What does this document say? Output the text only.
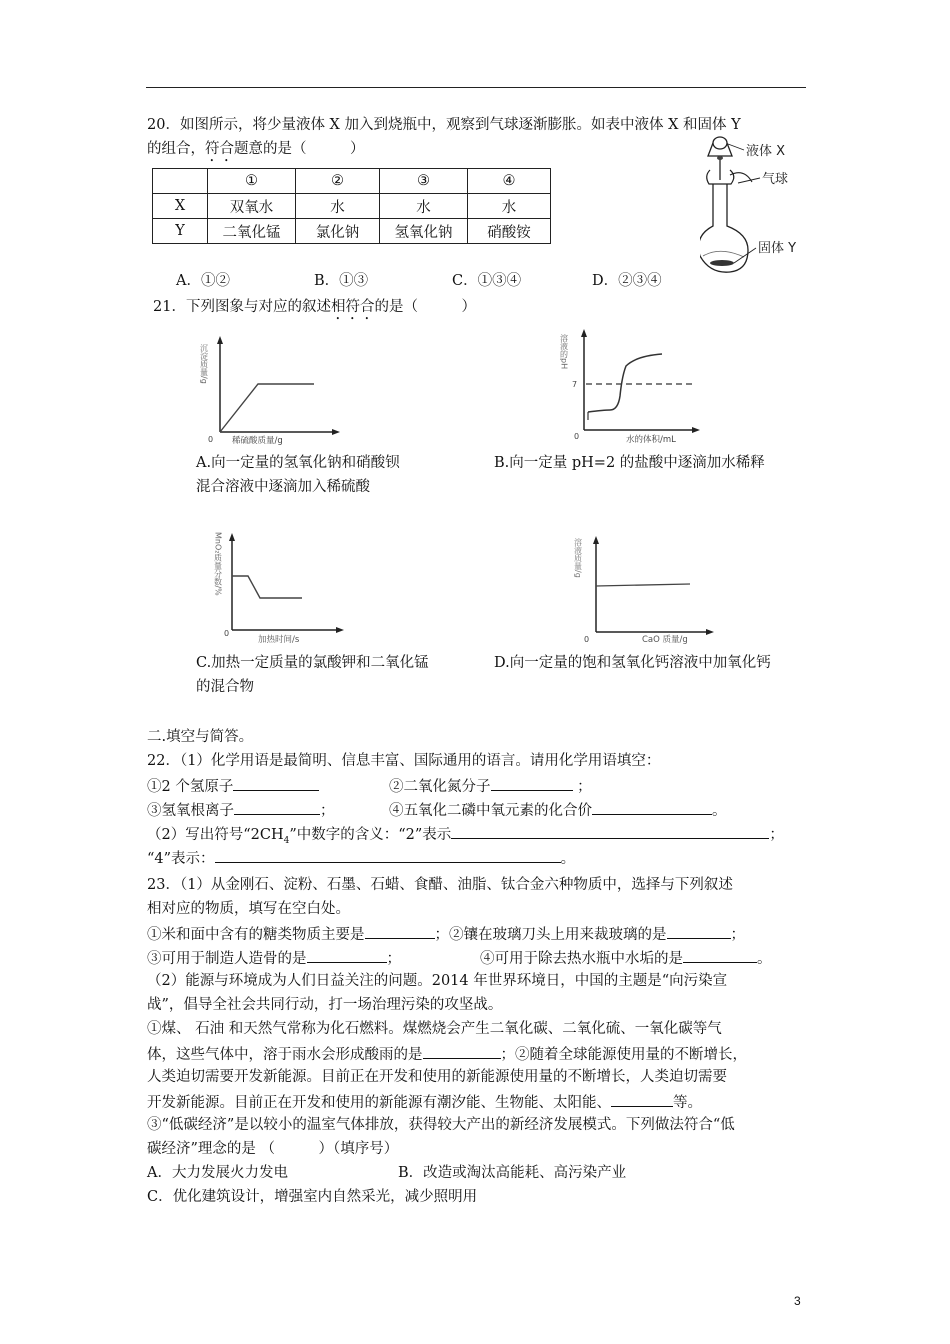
20．如图所示，将少量液体 X 加入到烧瓶中，观察到气球逐渐膨胀。如表中液体 X 和固体 Y
的组合，符合题意的是（　　　）
	①	②	③	④
X	双氧水	水	水	水
Y	二氧化锰	氯化钠	氢氧化钠	硝酸铵
液体 X
气球
固体 Y
A．①②	B．①③	C．①③④	D．②③④
21．下列图象与对应的叙述相符合的是（　　　）
沉淀质量/g
0 稀硫酸质量/g
A.向一定量的氢氧化钠和硝酸钡
混合溶液中逐滴加入稀硫酸
溶液的pH
7
0	水的体积/mL
B.向一定量 pH=2 的盐酸中逐滴加水稀释
MnO₂质量分数/%
0
加热时间/s
C.加热一定质量的氯酸钾和二氧化锰
的混合物
溶液质量/g
0	CaO 质量/g
D.向一定量的饱和氢氧化钙溶液中加氧化钙
二.填空与简答。
22．（1）化学用语是最简明、信息丰富、国际通用的语言。请用化学用语填空：
①2 个氢原子	②二氧化氮分子	；
③氢氧根离子	；	④五氧化二磷中氧元素的化合价	。
（2）写出符号“$2CH_4$”中数字的含义：“2”表示	；
“4”表示：	。
23．（1）从金刚石、淀粉、石墨、石蜡、食醋、油脂、钛合金六种物质中，选择与下列叙述
相对应的物质，填写在空白处。
①米和面中含有的糖类物质主要是	；②镶在玻璃刀头上用来裁玻璃的是	；
③可用于制造人造骨的是	；	④可用于除去热水瓶中水垢的是	。
（2）能源与环境成为人们日益关注的问题。2014 年世界环境日，中国的主题是“向污染宣
战”，倡导全社会共同行动，打一场治理污染的攻坚战。
①煤、 石油 和天然气常称为化石燃料。煤燃烧会产生二氧化碳、二氧化硫、一氧化碳等气
体，这些气体中，溶于雨水会形成酸雨的是	；②随着全球能源使用量的不断增长，
人类迫切需要开发新能源。目前正在开发和使用的新能源使用量的不断增长，人类迫切需要
开发新能源。目前正在开发和使用的新能源有潮汐能、生物能、太阳能、	等。
③“低碳经济”是以较小的温室气体排放，获得较大产出的新经济发展模式。下列做法符合“低
碳经济”理念的是 （　　　）（填序号）
A．大力发展火力发电	B．改造或淘汰高能耗、高污染产业
C．优化建筑设计，增强室内自然采光，减少照明用
3
